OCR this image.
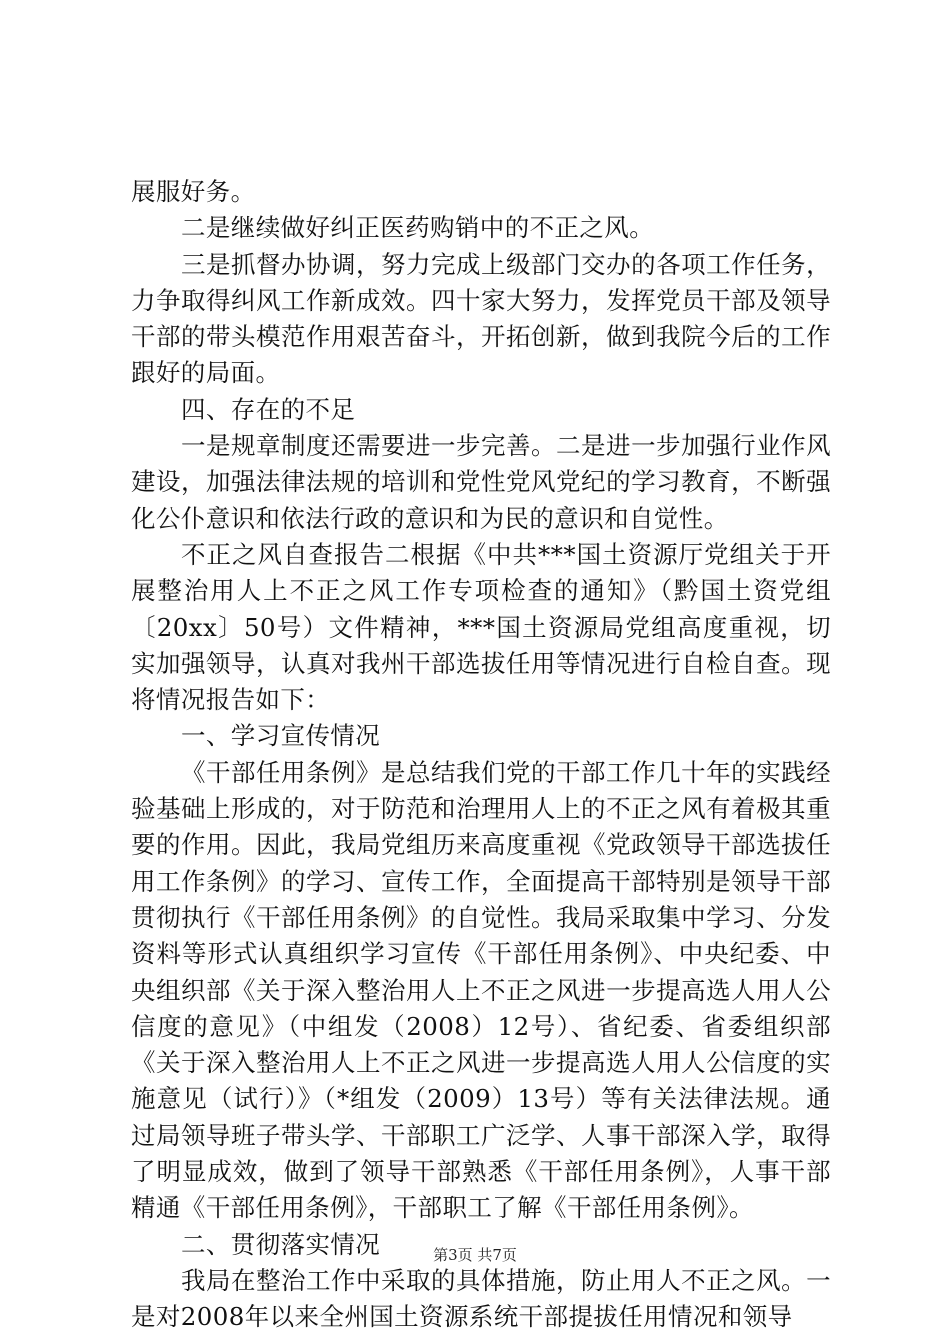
展服好务。

二是继续做好纠正医药购销中的不正之风。

三是抓督办协调，努力完成上级部门交办的各项工作任务，力争取得纠风工作新成效。四十家大努力，发挥党员干部及领导干部的带头模范作用艰苦奋斗，开拓创新，做到我院今后的工作跟好的局面。

四、存在的不足

一是规章制度还需要进一步完善。二是进一步加强行业作风建设，加强法律法规的培训和党性党风党纪的学习教育，不断强化公仆意识和依法行政的意识和为民的意识和自觉性。

不正之风自查报告二根据《中共***国土资源厅党组关于开展整治用人上不正之风工作专项检查的通知》（黔国土资党组〔20xx〕50号）文件精神，***国土资源局党组高度重视，切实加强领导，认真对我州干部选拔任用等情况进行自检自查。现将情况报告如下：

一、学习宣传情况

《干部任用条例》是总结我们党的干部工作几十年的实践经验基础上形成的，对于防范和治理用人上的不正之风有着极其重要的作用。因此，我局党组历来高度重视《党政领导干部选拔任用工作条例》的学习、宣传工作，全面提高干部特别是领导干部贯彻执行《干部任用条例》的自觉性。我局采取集中学习、分发资料等形式认真组织学习宣传《干部任用条例》、中央纪委、中央组织部《关于深入整治用人上不正之风进一步提高选人用人公信度的意见》（中组发（2008）12号）、省纪委、省委组织部《关于深入整治用人上不正之风进一步提高选人用人公信度的实施意见（试行）》（*组发（2009）13号）等有关法律法规。通过局领导班子带头学、干部职工广泛学、人事干部深入学，取得了明显成效，做到了领导干部熟悉《干部任用条例》，人事干部精通《干部任用条例》，干部职工了解《干部任用条例》。

二、贯彻落实情况

我局在整治工作中采取的具体措施，防止用人不正之风。一是对2008年以来全州国土资源系统干部提拔任用情况和领导

第3页 共7页
